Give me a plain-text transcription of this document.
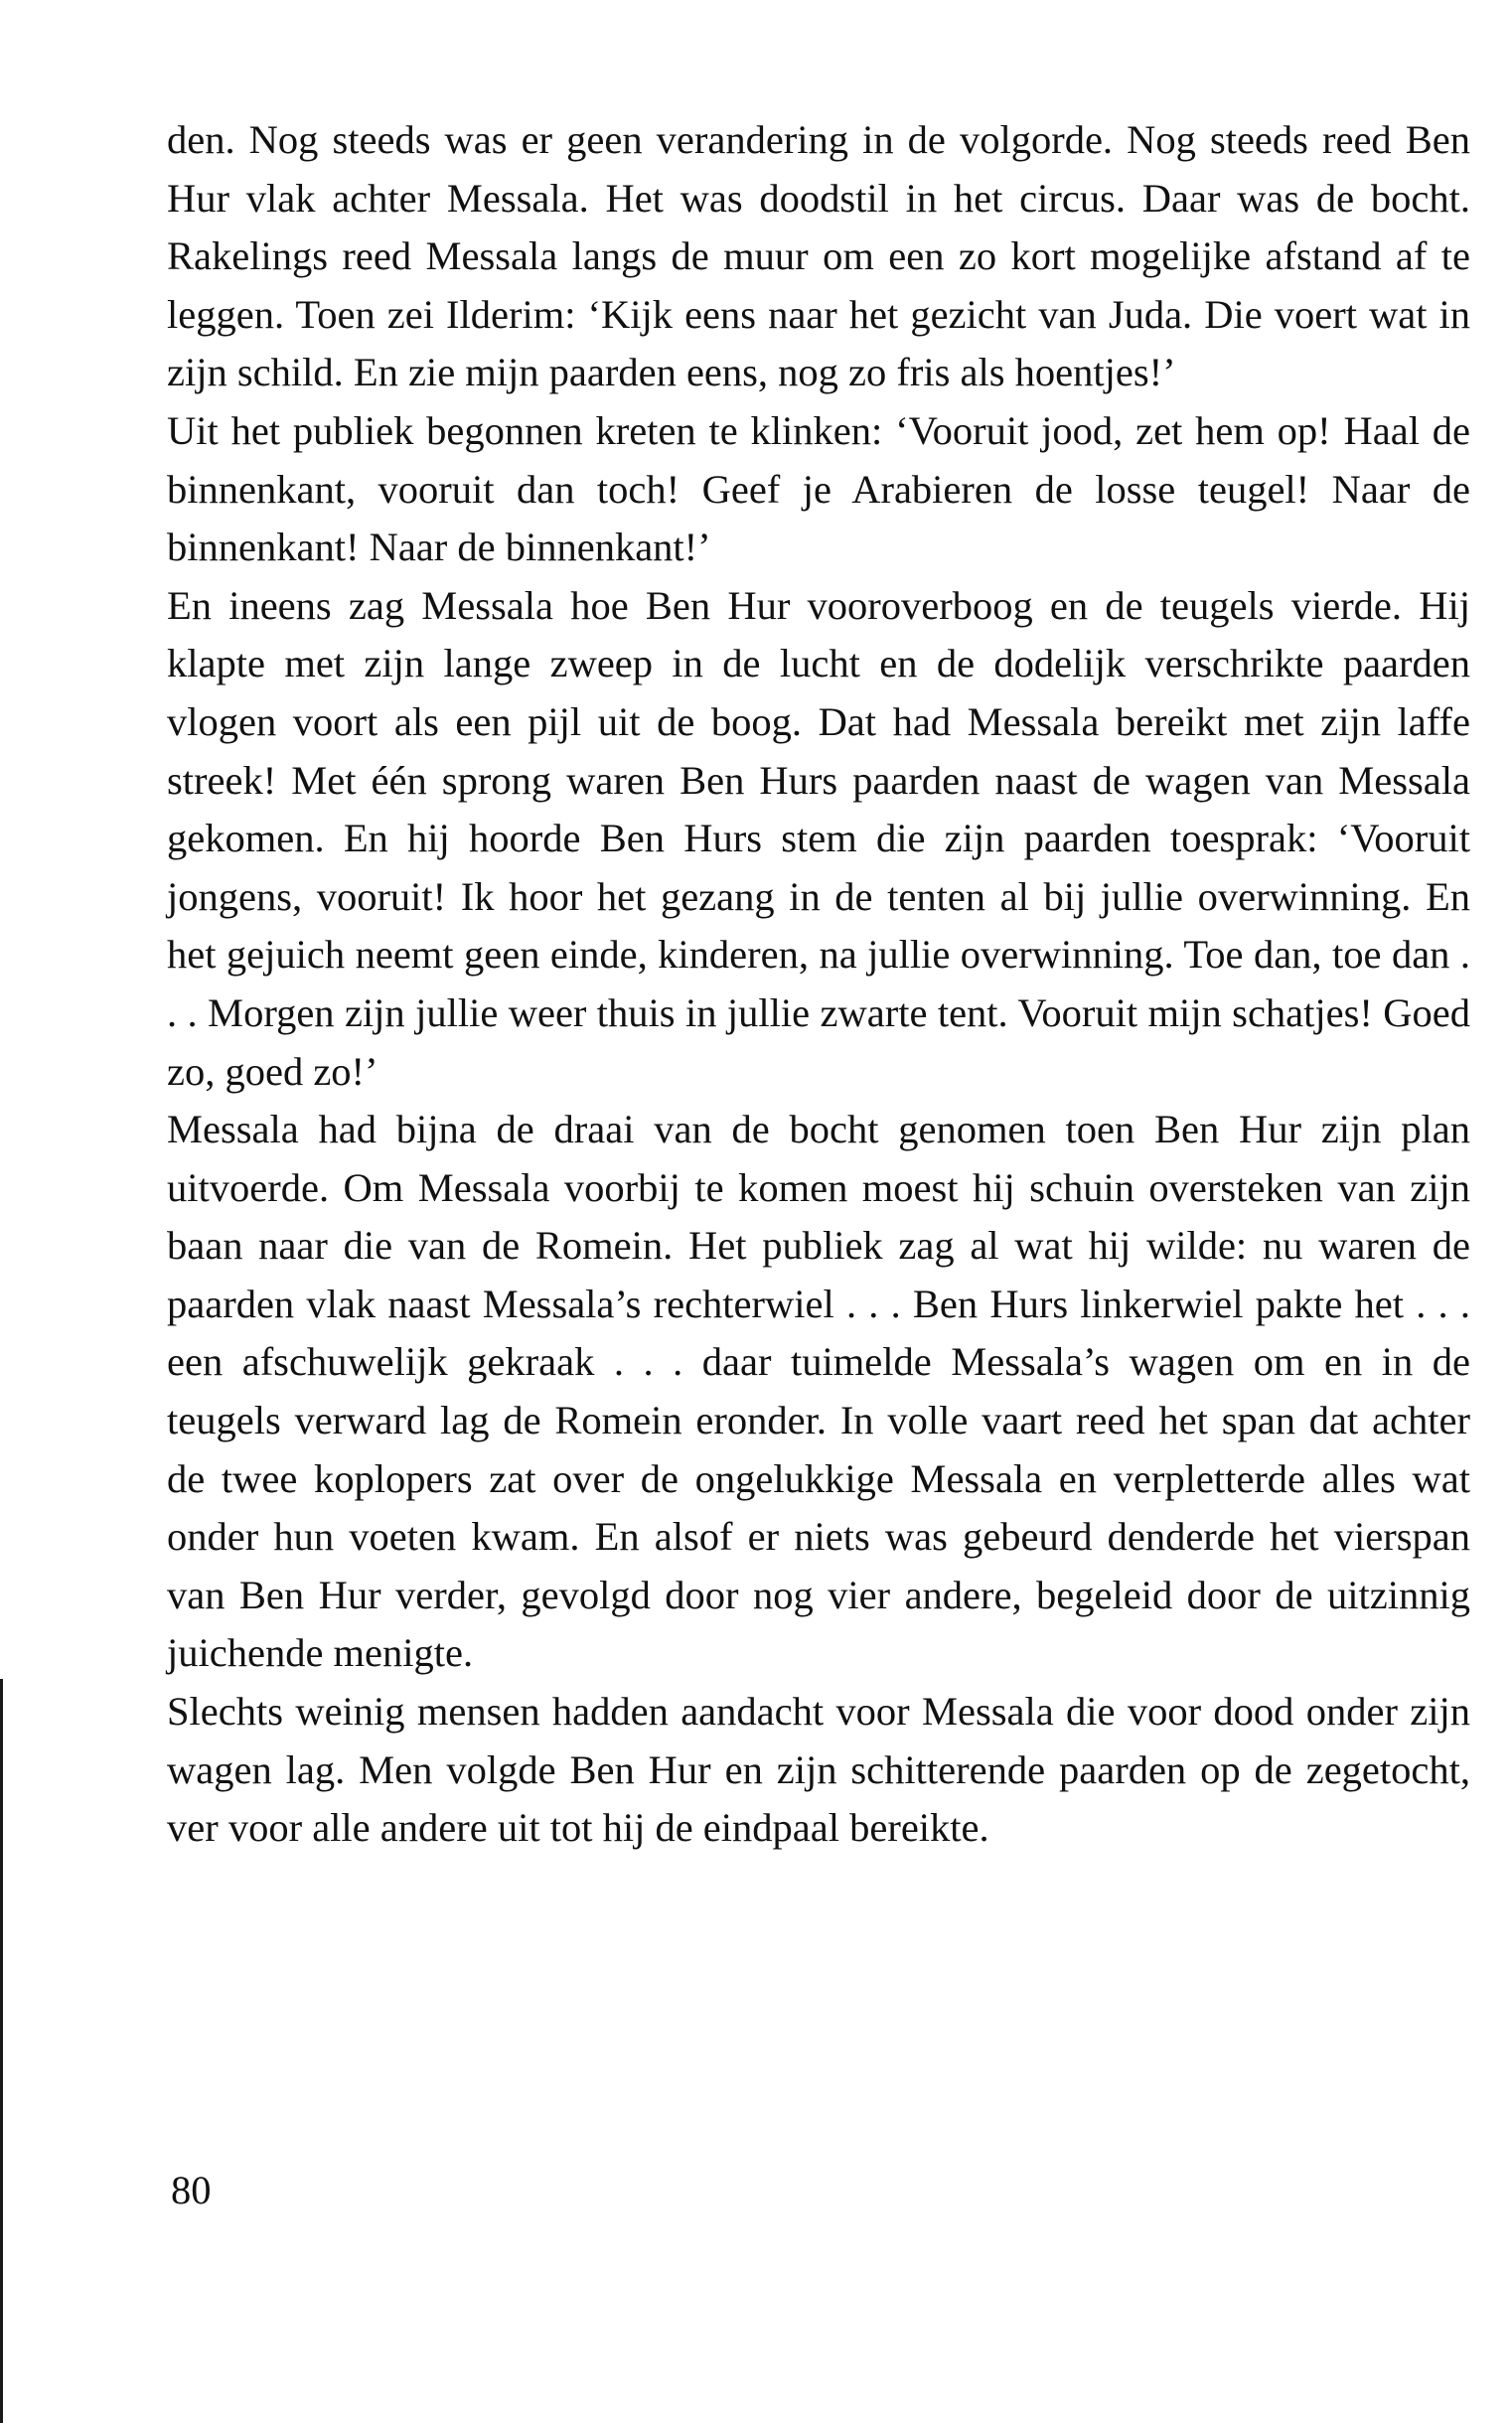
den. Nog steeds was er geen verandering in de volgorde. Nog steeds reed Ben Hur vlak achter Messala. Het was doodstil in het circus. Daar was de bocht. Rakelings reed Messala langs de muur om een zo kort mogelijke afstand af te leggen. Toen zei Ilderim: ‘Kijk eens naar het gezicht van Juda. Die voert wat in zijn schild. En zie mijn paarden eens, nog zo fris als hoentjes!’

Uit het publiek begonnen kreten te klinken: ‘Vooruit jood, zet hem op! Haal de binnenkant, vooruit dan toch! Geef je Arabieren de losse teugel! Naar de binnenkant! Naar de binnenkant!’

En ineens zag Messala hoe Ben Hur vooroverboog en de teugels vierde. Hij klapte met zijn lange zweep in de lucht en de dodelijk verschrikte paarden vlogen voort als een pijl uit de boog. Dat had Messala bereikt met zijn laffe streek! Met één sprong waren Ben Hurs paarden naast de wagen van Messala gekomen. En hij hoorde Ben Hurs stem die zijn paarden toesprak: ‘Vooruit jongens, vooruit! Ik hoor het gezang in de tenten al bij jullie overwinning. En het gejuich neemt geen einde, kinderen, na jullie overwinning. Toe dan, toe dan . . . Morgen zijn jullie weer thuis in jullie zwarte tent. Vooruit mijn schatjes! Goed zo, goed zo!’

Messala had bijna de draai van de bocht genomen toen Ben Hur zijn plan uitvoerde. Om Messala voorbij te komen moest hij schuin oversteken van zijn baan naar die van de Romein. Het publiek zag al wat hij wilde: nu waren de paarden vlak naast Messala’s rechterwiel . . . Ben Hurs linkerwiel pakte het . . . een afschuwelijk gekraak . . . daar tuimelde Messala’s wagen om en in de teugels verward lag de Romein eronder. In volle vaart reed het span dat achter de twee koplopers zat over de ongelukkige Messala en verpletterde alles wat onder hun voeten kwam. En alsof er niets was gebeurd denderde het vierspan van Ben Hur verder, gevolgd door nog vier andere, begeleid door de uitzinnig juichende menigte.

Slechts weinig mensen hadden aandacht voor Messala die voor dood onder zijn wagen lag. Men volgde Ben Hur en zijn schitterende paarden op de zegetocht, ver voor alle andere uit tot hij de eindpaal bereikte.

80
